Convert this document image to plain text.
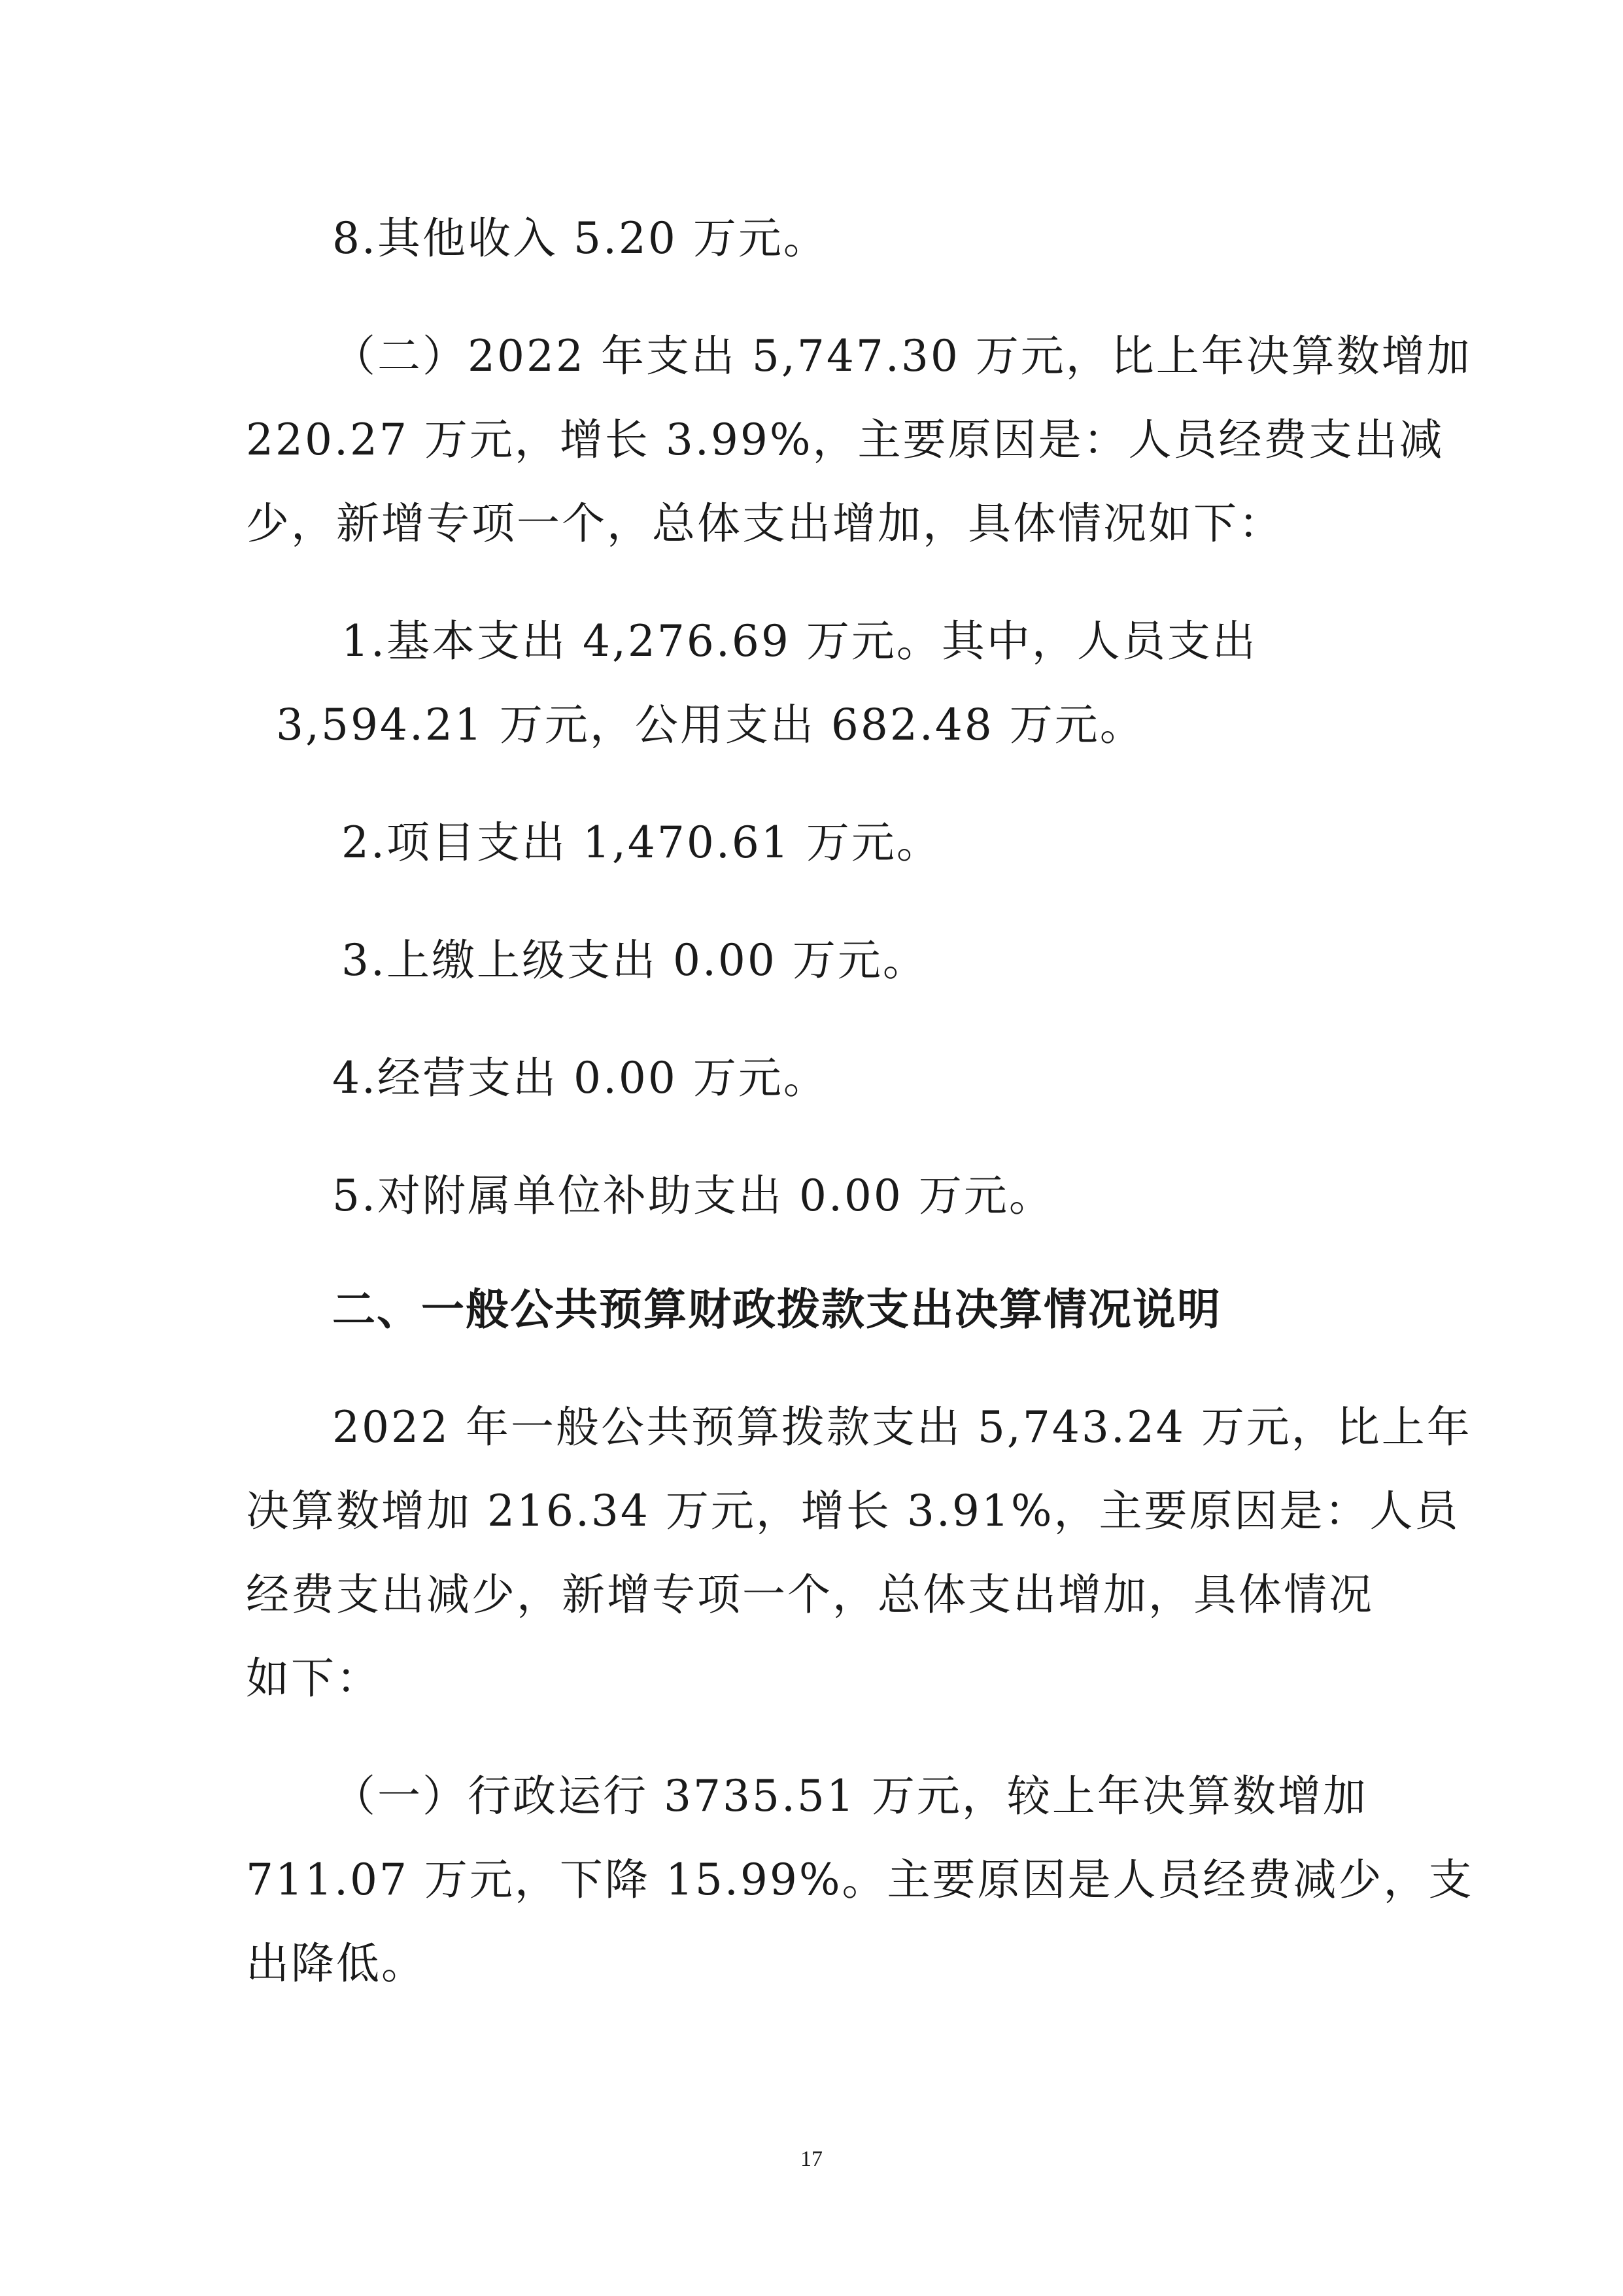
8.其他收入 5.20 万元。
（二）2022 年支出 5,747.30 万元，比上年决算数增加
220.27 万元，增长 3.99%，主要原因是：人员经费支出减
少，新增专项一个，总体支出增加，具体情况如下：
1.基本支出 4,276.69 万元。其中，人员支出
3,594.21 万元，公用支出 682.48 万元。
2.项目支出 1,470.61 万元。
3.上缴上级支出 0.00 万元。
4.经营支出 0.00 万元。
5.对附属单位补助支出 0.00 万元。
二、一般公共预算财政拨款支出决算情况说明
2022 年一般公共预算拨款支出 5,743.24 万元，比上年
决算数增加 216.34 万元，增长 3.91%，主要原因是：人员
经费支出减少，新增专项一个，总体支出增加，具体情况
如下：
（一）行政运行 3735.51 万元，较上年决算数增加
711.07 万元，下降 15.99%。主要原因是人员经费减少，支
出降低。
17
